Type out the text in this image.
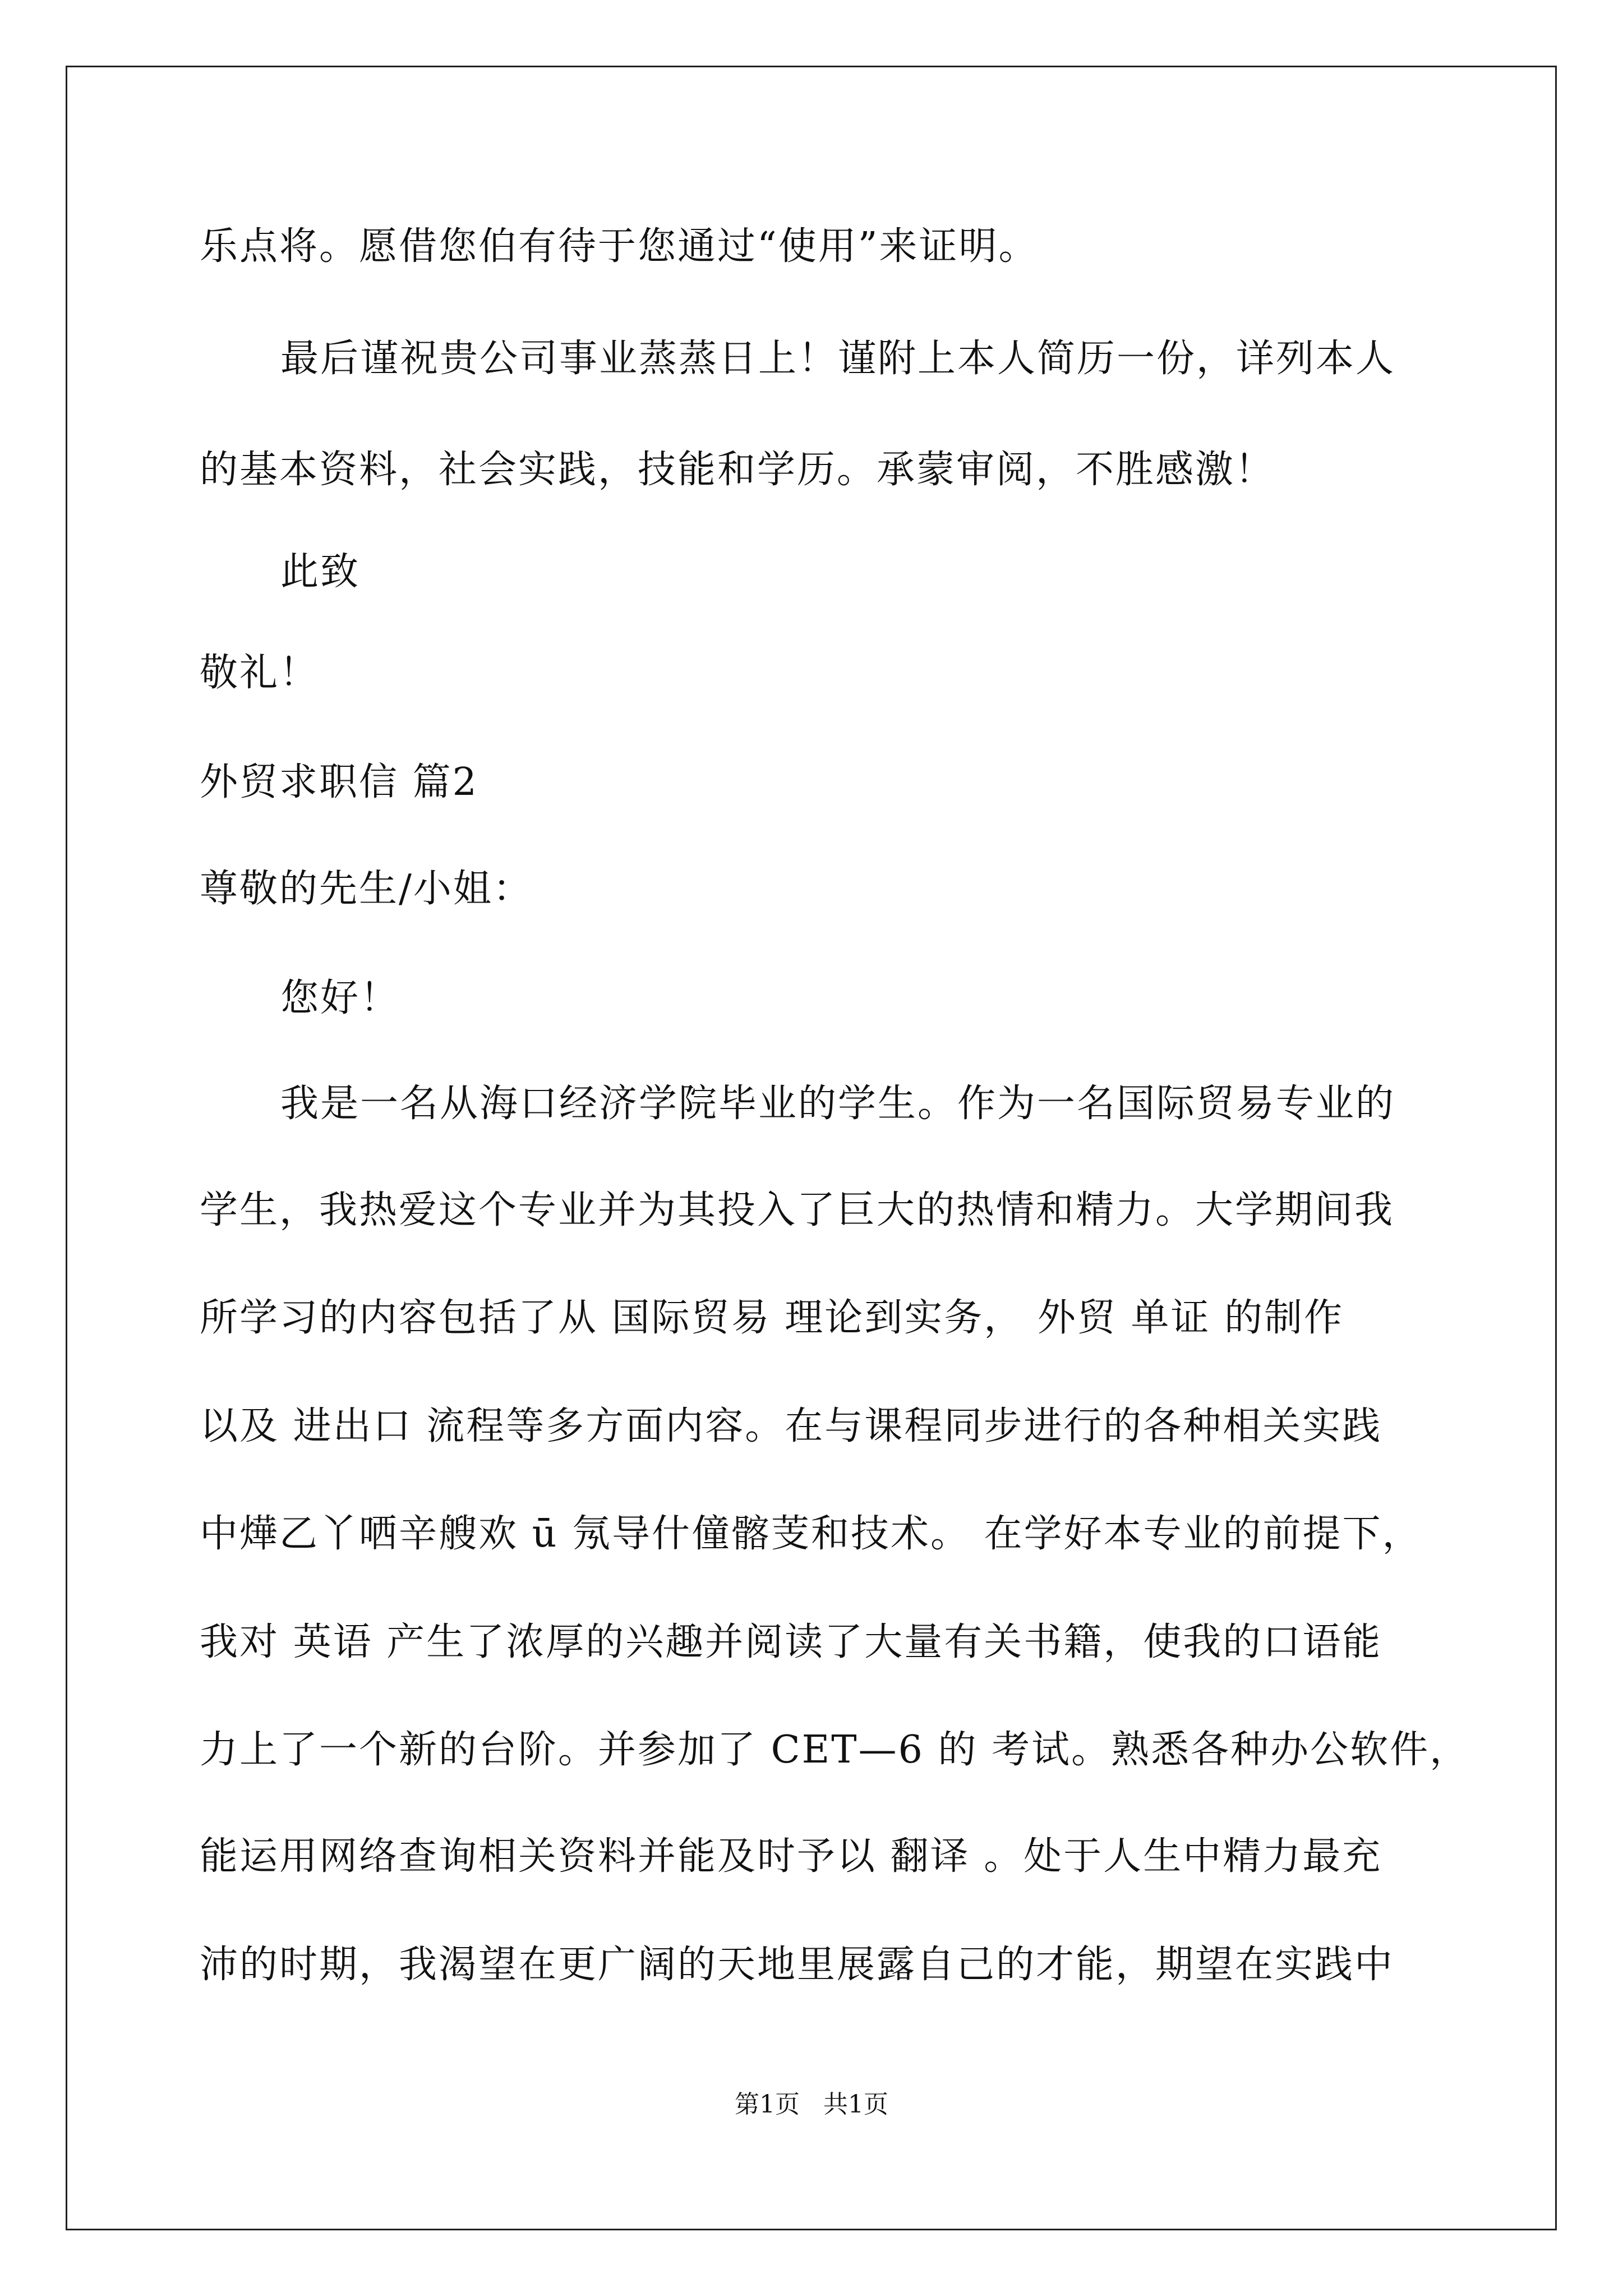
乐点将。愿借您伯有待于您通过“使用”来证明。
最后谨祝贵公司事业蒸蒸日上！谨附上本人简历一份，详列本人
的基本资料，社会实践，技能和学历。承蒙审阅，不胜感激！
此致
敬礼！
外贸求职信 篇2
尊敬的先生/小姐：
您好！
我是一名从海口经济学院毕业的学生。作为一名国际贸易专业的
学生，我热爱这个专业并为其投入了巨大的热情和精力。大学期间我
所学习的内容包括了从 国际贸易 理论到实务， 外贸 单证 的制作
以及 进出口 流程等多方面内容。在与课程同步进行的各种相关实践
中燁乙丫哂辛艘欢 ū 氖导什僮髂芰和技术。 在学好本专业的前提下，
我对 英语 产生了浓厚的兴趣并阅读了大量有关书籍，使我的口语能
力上了一个新的台阶。并参加了 CET—6 的 考试。熟悉各种办公软件，
能运用网络查询相关资料并能及时予以 翻译 。处于人生中精力最充
沛的时期，我渴望在更广阔的天地里展露自己的才能，期望在实践中
第1页   共1页
